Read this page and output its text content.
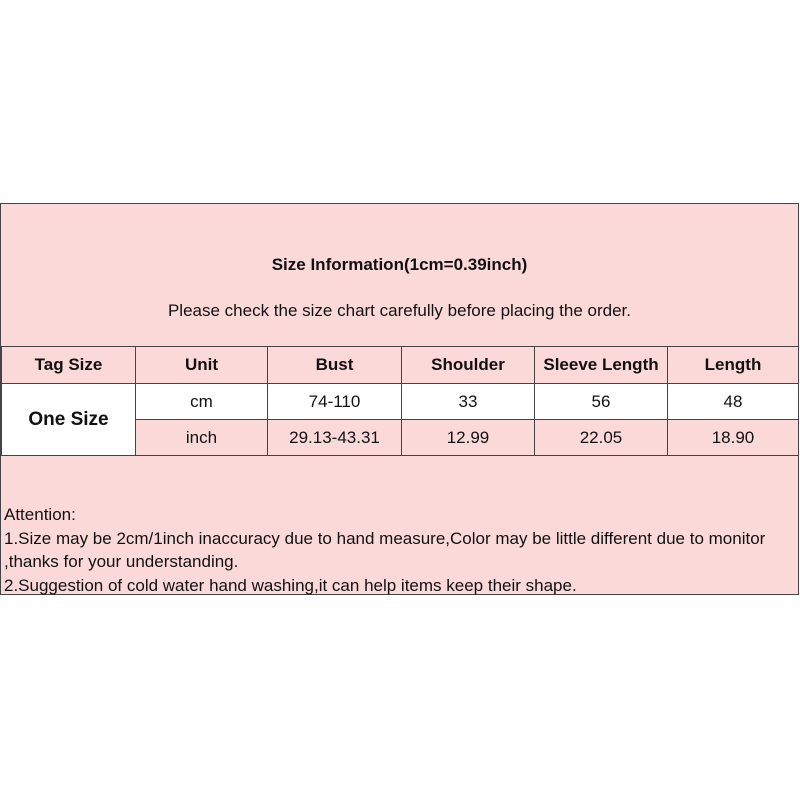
Size Information(1cm=0.39inch)
Please check the size chart carefully before placing the order.
Tag Size	Unit	Bust	Shoulder	Sleeve Length	Length
One Size	cm	74-110	33	56	48
	inch	29.13-43.31	12.99	22.05	18.90
Attention:
1.Size may be 2cm/1inch inaccuracy due to hand measure,Color may be little different due to monitor ,thanks for your understanding.
2.Suggestion of cold water hand washing,it can help items keep their shape.
